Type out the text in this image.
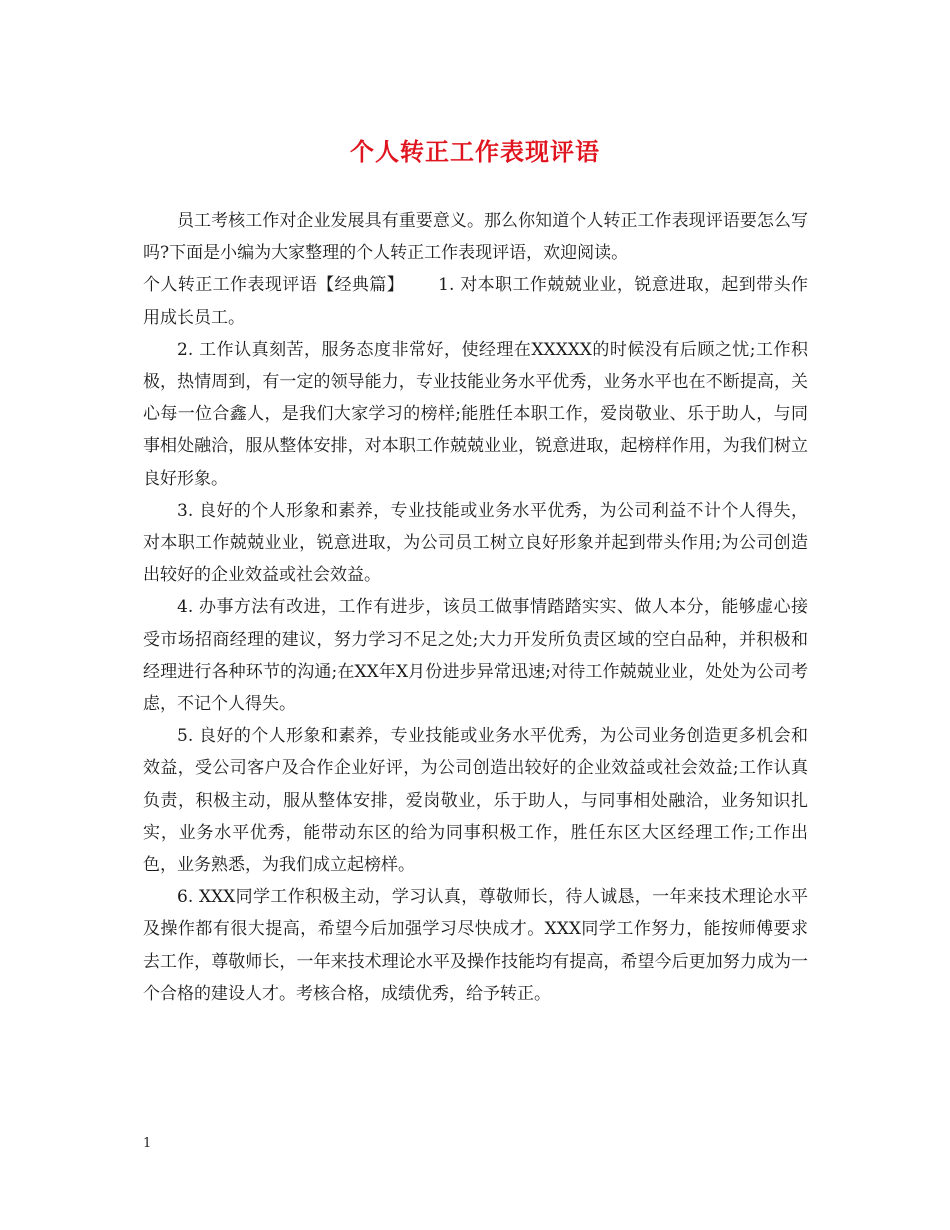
个人转正工作表现评语

员工考核工作对企业发展具有重要意义。那么你知道个人转正工作表现评语要怎么写吗?下面是小编为大家整理的个人转正工作表现评语，欢迎阅读。

个人转正工作表现评语【经典篇】   1. 对本职工作兢兢业业，锐意进取，起到带头作用成长员工。

2. 工作认真刻苦，服务态度非常好，使经理在XXXXX的时候没有后顾之忧;工作积极，热情周到，有一定的领导能力，专业技能业务水平优秀，业务水平也在不断提高，关心每一位合鑫人，是我们大家学习的榜样;能胜任本职工作，爱岗敬业、乐于助人，与同事相处融洽，服从整体安排，对本职工作兢兢业业，锐意进取，起榜样作用，为我们树立良好形象。

3. 良好的个人形象和素养，专业技能或业务水平优秀，为公司利益不计个人得失，对本职工作兢兢业业，锐意进取，为公司员工树立良好形象并起到带头作用;为公司创造出较好的企业效益或社会效益。

4. 办事方法有改进，工作有进步，该员工做事情踏踏实实、做人本分，能够虚心接受市场招商经理的建议，努力学习不足之处;大力开发所负责区域的空白品种，并积极和经理进行各种环节的沟通;在XX年X月份进步异常迅速;对待工作兢兢业业，处处为公司考虑，不记个人得失。

5. 良好的个人形象和素养，专业技能或业务水平优秀，为公司业务创造更多机会和效益，受公司客户及合作企业好评，为公司创造出较好的企业效益或社会效益;工作认真负责，积极主动，服从整体安排，爱岗敬业，乐于助人，与同事相处融洽，业务知识扎实，业务水平优秀，能带动东区的给为同事积极工作，胜任东区大区经理工作;工作出色，业务熟悉，为我们成立起榜样。

6. XXX同学工作积极主动，学习认真，尊敬师长，待人诚恳，一年来技术理论水平及操作都有很大提高，希望今后加强学习尽快成才。XXX同学工作努力，能按师傅要求去工作，尊敬师长，一年来技术理论水平及操作技能均有提高，希望今后更加努力成为一个合格的建设人才。考核合格，成绩优秀，给予转正。

1
